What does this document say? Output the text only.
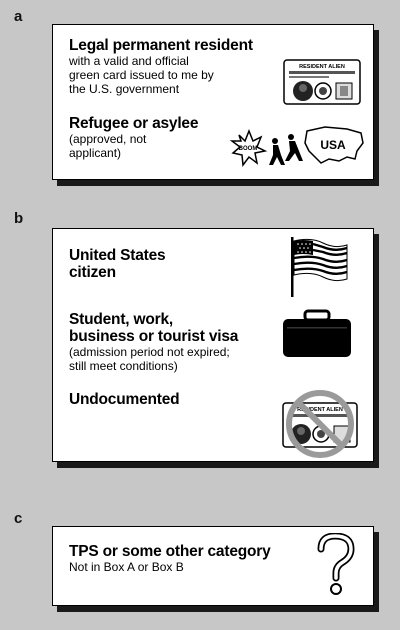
a
Legal permanent resident
with a valid and official
green card issued to me by
the U.S. government
RESIDENT ALIEN
Refugee or asylee
(approved, not
applicant)	BOOM	USA
b
United States
citizen
Student, work,
business or tourist visa
(admission period not expired;
still meet conditions)
Undocumented
RESIDENT ALIEN
c
TPS or some other category
Not in Box A or Box B
